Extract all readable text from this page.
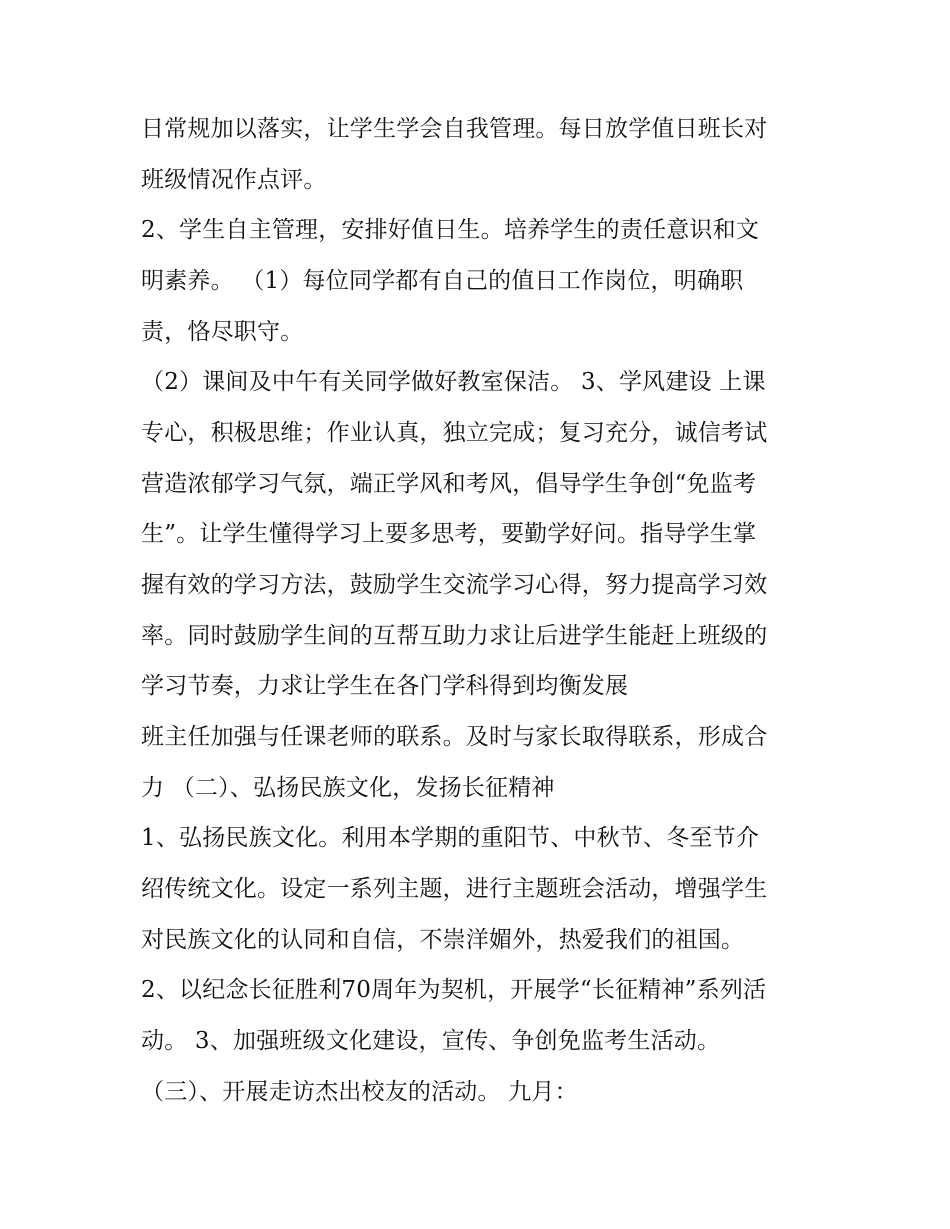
日常规加以落实，让学生学会自我管理。每日放学值日班长对
班级情况作点评。
2、学生自主管理，安排好值日生。培养学生的责任意识和文
明素养。 （1）每位同学都有自己的值日工作岗位，明确职
责，恪尽职守。
（2）课间及中午有关同学做好教室保洁。 3、学风建设 上课
专心，积极思维；作业认真，独立完成；复习充分，诚信考试
营造浓郁学习气氛，端正学风和考风，倡导学生争创“免监考
生”。让学生懂得学习上要多思考，要勤学好问。指导学生掌
握有效的学习方法，鼓励学生交流学习心得，努力提高学习效
率。同时鼓励学生间的互帮互助力求让后进学生能赶上班级的
学习节奏，力求让学生在各门学科得到均衡发展
班主任加强与任课老师的联系。及时与家长取得联系，形成合
力 （二）、弘扬民族文化，发扬长征精神
1、弘扬民族文化。利用本学期的重阳节、中秋节、冬至节介
绍传统文化。设定一系列主题，进行主题班会活动，增强学生
对民族文化的认同和自信，不崇洋媚外，热爱我们的祖国。
2、以纪念长征胜利70周年为契机，开展学“长征精神”系列活
动。 3、加强班级文化建设，宣传、争创免监考生活动。
（三）、开展走访杰出校友的活动。 九月：
